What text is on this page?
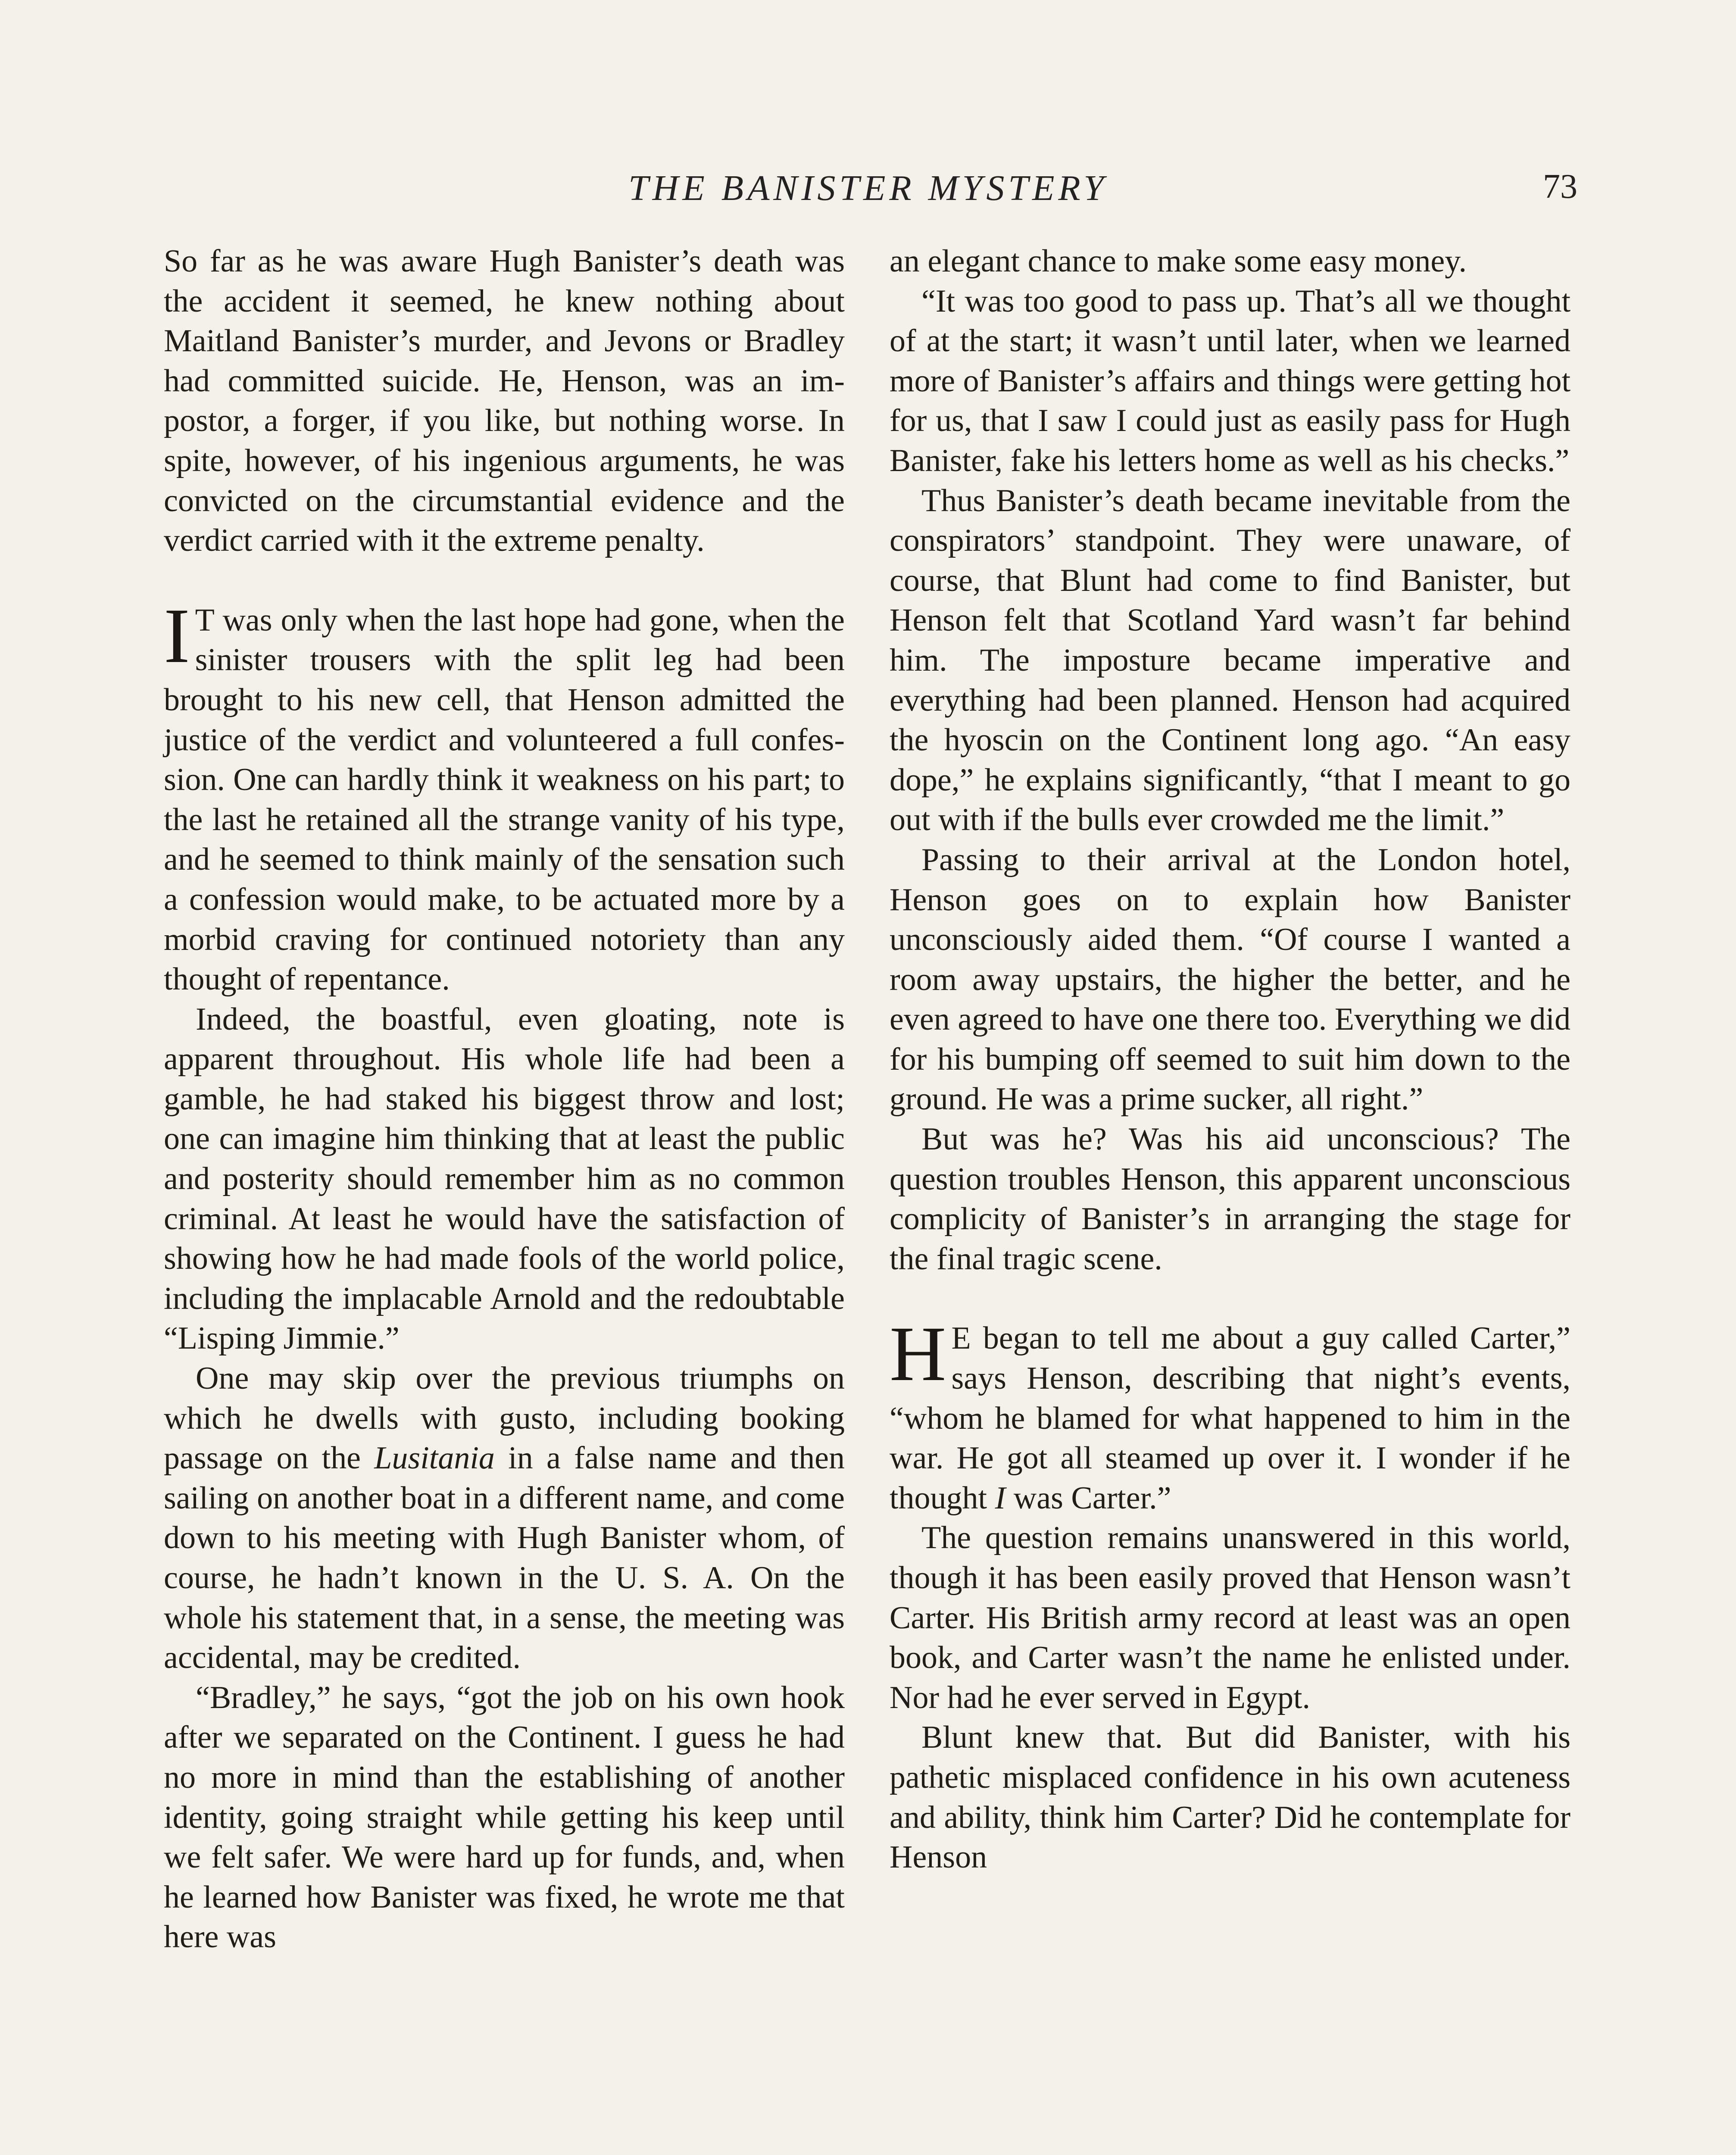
THE BANISTER MYSTERY	73

So far as he was aware Hugh Banister’s death was the accident it seemed, he knew nothing about Maitland Banister’s murder, and Jevons or Bradley had committed suicide. He, Henson, was an impostor, a forger, if you like, but nothing worse. In spite, however, of his ingenious arguments, he was convicted on the circumstantial evidence and the verdict carried with it the extreme penalty.

I T was only when the last hope had gone, when the sinister trousers with the split leg had been brought to his new cell, that Henson admitted the justice of the verdict and volunteered a full confession. One can hardly think it weakness on his part; to the last he retained all the strange vanity of his type, and he seemed to think mainly of the sensation such a confession would make, to be actuated more by a morbid craving for continued notoriety than any thought of repentance.

Indeed, the boastful, even gloating, note is apparent throughout. His whole life had been a gamble, he had staked his biggest throw and lost; one can imagine him thinking that at least the public and posterity should remember him as no common criminal. At least he would have the satisfaction of showing how he had made fools of the world police, including the implacable Arnold and the redoubtable “Lisping Jimmie.”

One may skip over the previous triumphs on which he dwells with gusto, including booking passage on the Lusitania in a false name and then sailing on another boat in a different name, and come down to his meeting with Hugh Banister whom, of course, he hadn’t known in the U. S. A. On the whole his statement that, in a sense, the meeting was accidental, may be credited.

“Bradley,” he says, “got the job on his own hook after we separated on the Continent. I guess he had no more in mind than the establishing of another identity, going straight while getting his keep until we felt safer. We were hard up for funds, and, when he learned how Banister was fixed, he wrote me that here was

an elegant chance to make some easy money.

“It was too good to pass up. That’s all we thought of at the start; it wasn’t until later, when we learned more of Banister’s affairs and things were getting hot for us, that I saw I could just as easily pass for Hugh Banister, fake his letters home as well as his checks.”

Thus Banister’s death became inevitable from the conspirators’ standpoint. They were unaware, of course, that Blunt had come to find Banister, but Henson felt that Scotland Yard wasn’t far behind him. The imposture became imperative and everything had been planned. Henson had acquired the hyoscin on the Continent long ago. “An easy dope,” he explains significantly, “that I meant to go out with if the bulls ever crowded me the limit.”

Passing to their arrival at the London hotel, Henson goes on to explain how Banister unconsciously aided them. “Of course I wanted a room away upstairs, the higher the better, and he even agreed to have one there too. Everything we did for his bumping off seemed to suit him down to the ground. He was a prime sucker, all right.”

But was he? Was his aid unconscious? The question troubles Henson, this apparent unconscious complicity of Banister’s in arranging the stage for the final tragic scene.

H E began to tell me about a guy called Carter,” says Henson, describing that night’s events, “whom he blamed for what happened to him in the war. He got all steamed up over it. I wonder if he thought I was Carter.”

The question remains unanswered in this world, though it has been easily proved that Henson wasn’t Carter. His British army record at least was an open book, and Carter wasn’t the name he enlisted under. Nor had he ever served in Egypt.

Blunt knew that. But did Banister, with his pathetic misplaced confidence in his own acuteness and ability, think him Carter? Did he contemplate for Henson
